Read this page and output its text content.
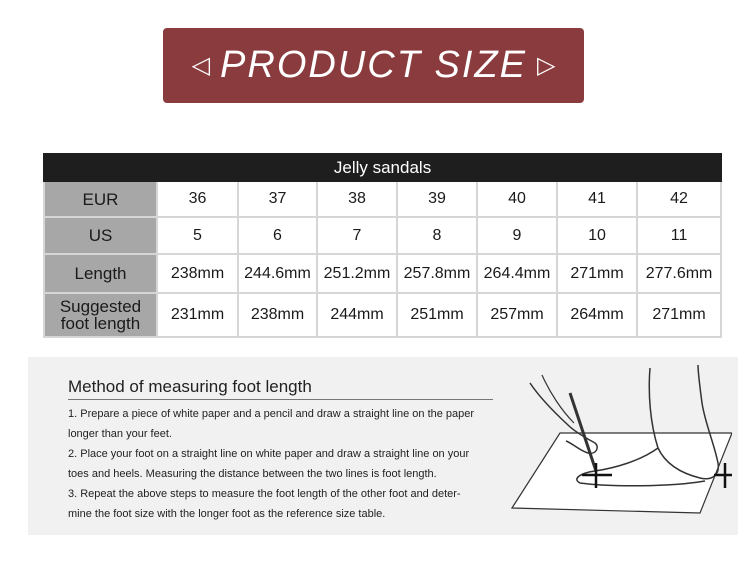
◁ PRODUCT SIZE ▷
Jelly sandals							
EUR	36	37	38	39	40	41	42
US	5	6	7	8	9	10	11
Length	238mm	244.6mm	251.2mm	257.8mm	264.4mm	271mm	277.6mm
Suggested
foot length	231mm	238mm	244mm	251mm	257mm	264mm	271mm
Method of measuring foot length

1. Prepare a piece of white paper and a pencil and draw a straight line on the paper

longer than your feet.

2. Place your foot on a straight line on white paper and draw a straight line on your

toes and heels. Measuring the distance between the two lines is foot length.

3. Repeat the above steps to measure the foot length of the other foot and deter-

mine the foot size with the longer foot as the reference size table.
